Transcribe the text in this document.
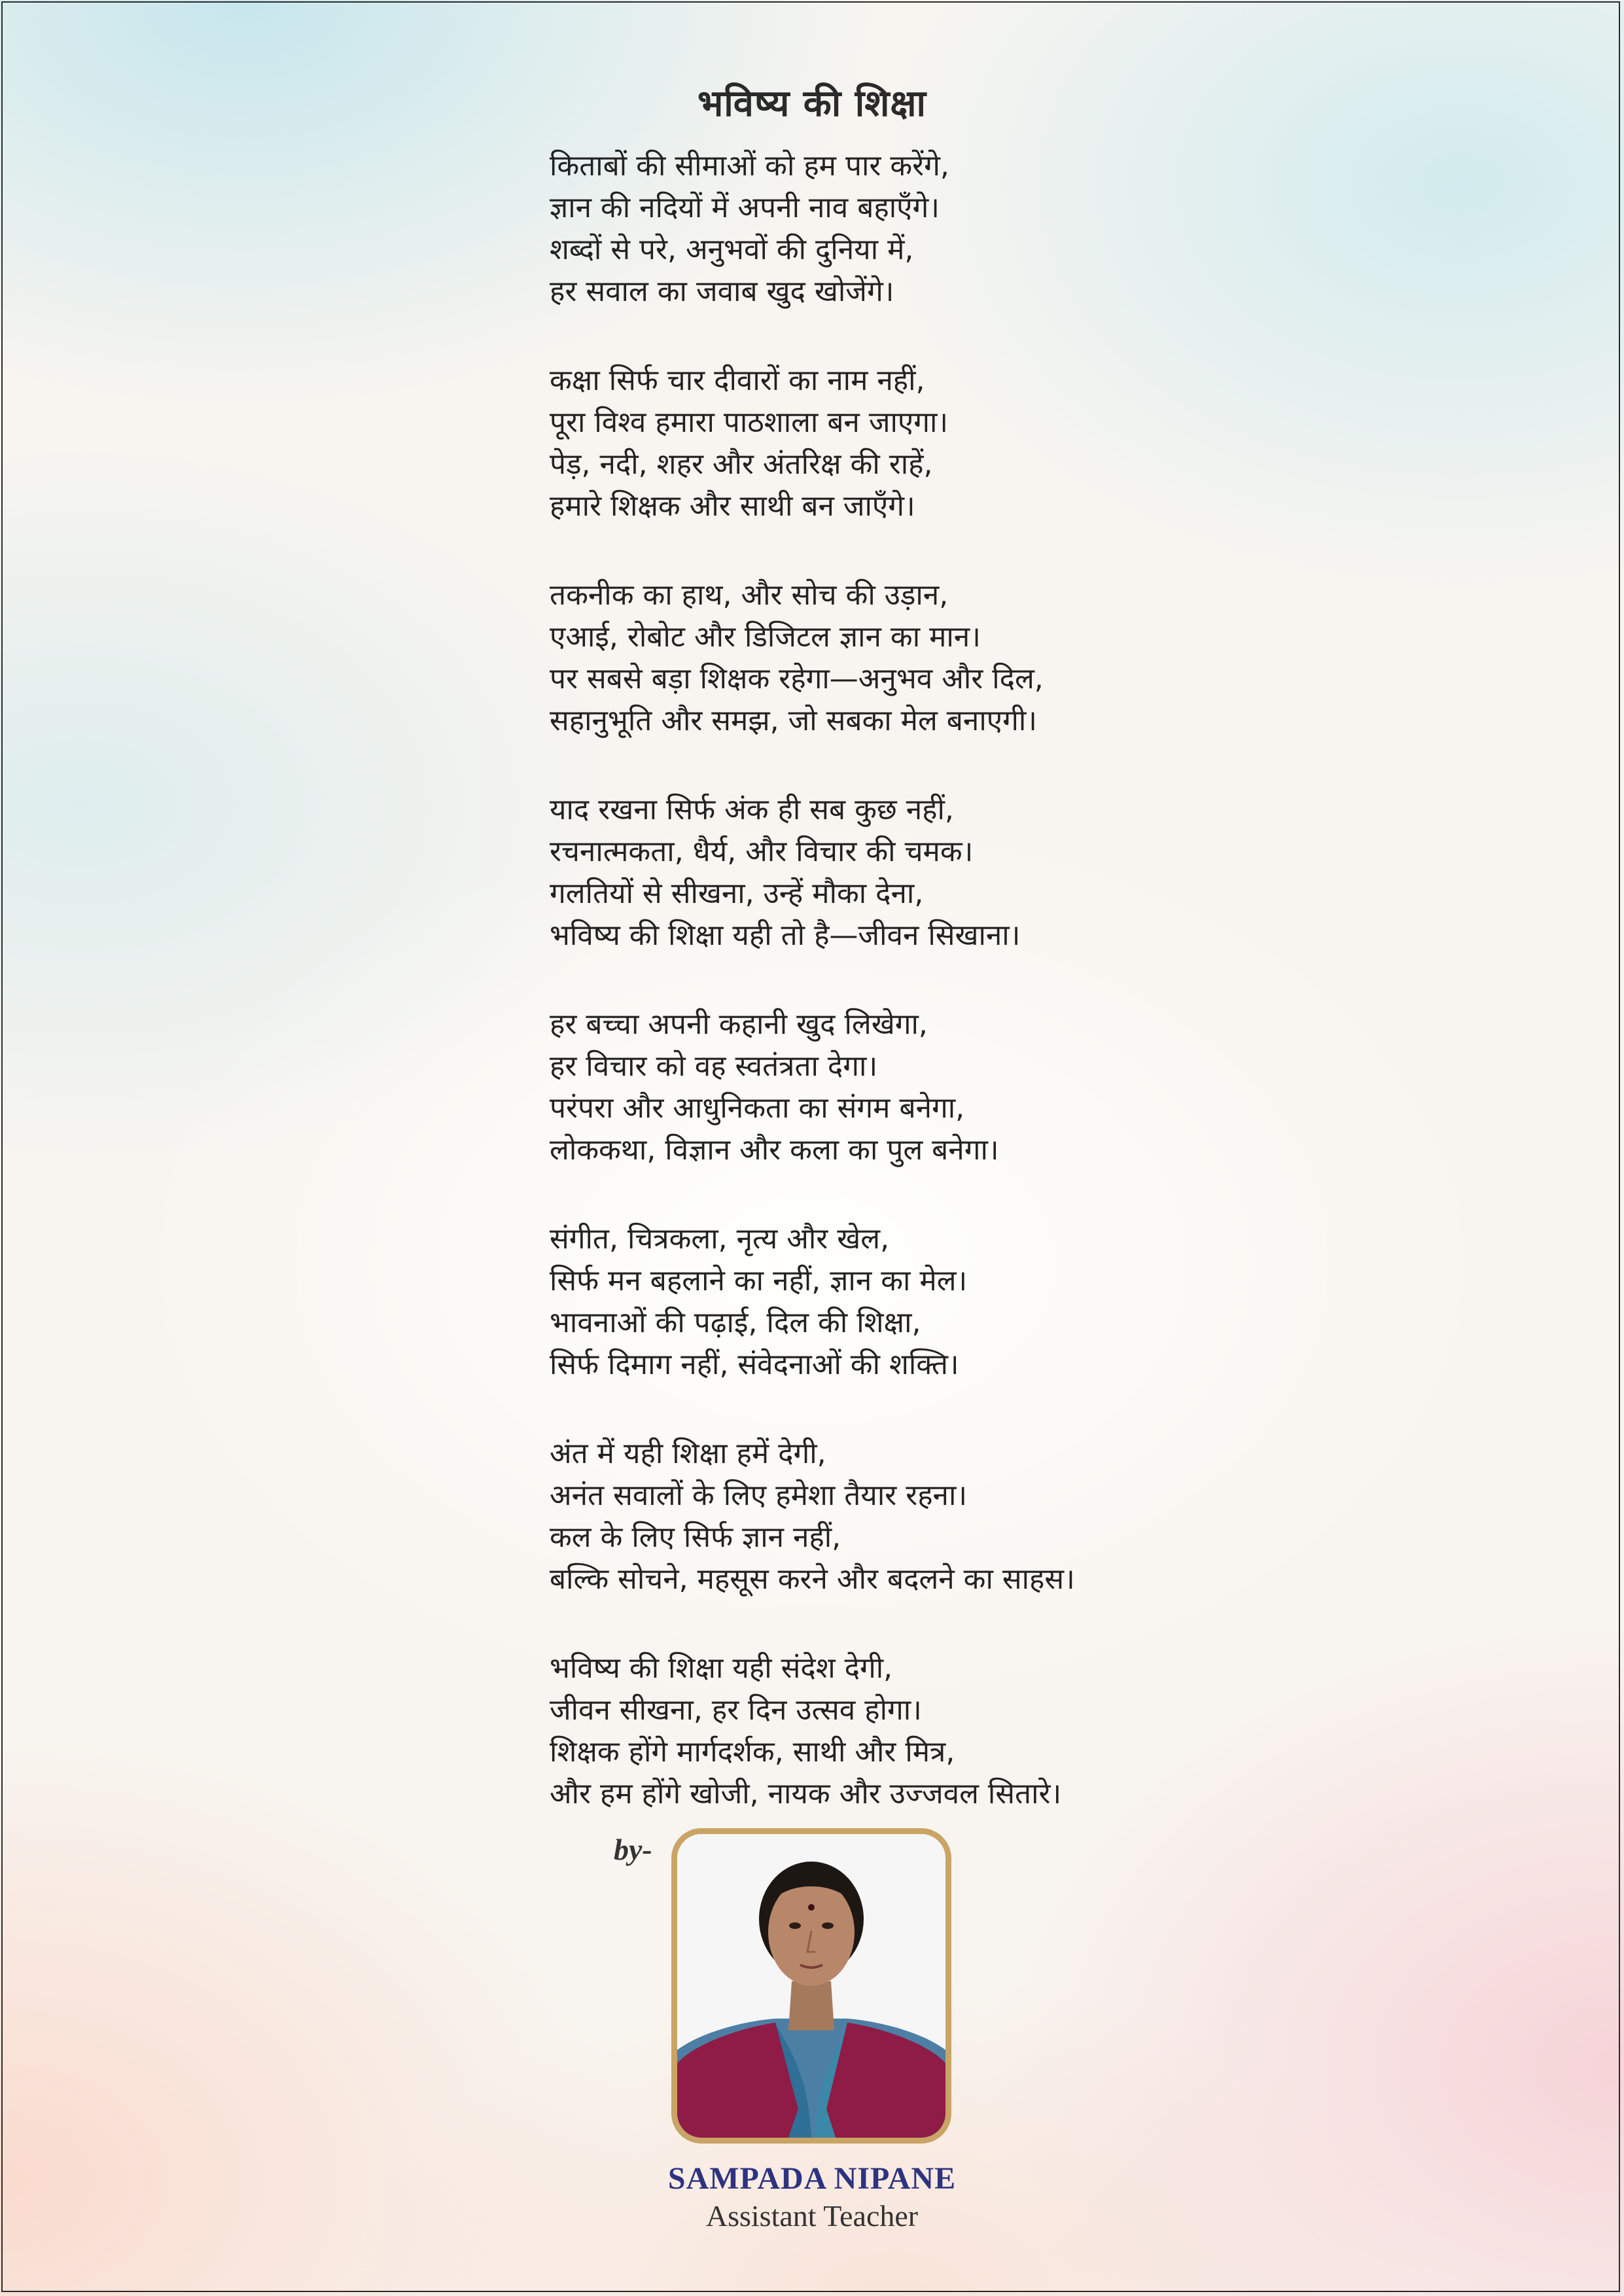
भविष्य की शिक्षा
किताबों की सीमाओं को हम पार करेंगे,
ज्ञान की नदियों में अपनी नाव बहाएँगे।
शब्दों से परे, अनुभवों की दुनिया में,
हर सवाल का जवाब खुद खोजेंगे।
कक्षा सिर्फ चार दीवारों का नाम नहीं,
पूरा विश्व हमारा पाठशाला बन जाएगा।
पेड़, नदी, शहर और अंतरिक्ष की राहें,
हमारे शिक्षक और साथी बन जाएँगे।
तकनीक का हाथ, और सोच की उड़ान,
एआई, रोबोट और डिजिटल ज्ञान का मान।
पर सबसे बड़ा शिक्षक रहेगा—अनुभव और दिल,
सहानुभूति और समझ, जो सबका मेल बनाएगी।
याद रखना सिर्फ अंक ही सब कुछ नहीं,
रचनात्मकता, धैर्य, और विचार की चमक।
गलतियों से सीखना, उन्हें मौका देना,
भविष्य की शिक्षा यही तो है—जीवन सिखाना।
हर बच्चा अपनी कहानी खुद लिखेगा,
हर विचार को वह स्वतंत्रता देगा।
परंपरा और आधुनिकता का संगम बनेगा,
लोककथा, विज्ञान और कला का पुल बनेगा।
संगीत, चित्रकला, नृत्य और खेल,
सिर्फ मन बहलाने का नहीं, ज्ञान का मेल।
भावनाओं की पढ़ाई, दिल की शिक्षा,
सिर्फ दिमाग नहीं, संवेदनाओं की शक्ति।
अंत में यही शिक्षा हमें देगी,
अनंत सवालों के लिए हमेशा तैयार रहना।
कल के लिए सिर्फ ज्ञान नहीं,
बल्कि सोचने, महसूस करने और बदलने का साहस।
भविष्य की शिक्षा यही संदेश देगी,
जीवन सीखना, हर दिन उत्सव होगा।
शिक्षक होंगे मार्गदर्शक, साथी और मित्र,
और हम होंगे खोजी, नायक और उज्जवल सितारे।
by-
SAMPADA NIPANE
Assistant Teacher
